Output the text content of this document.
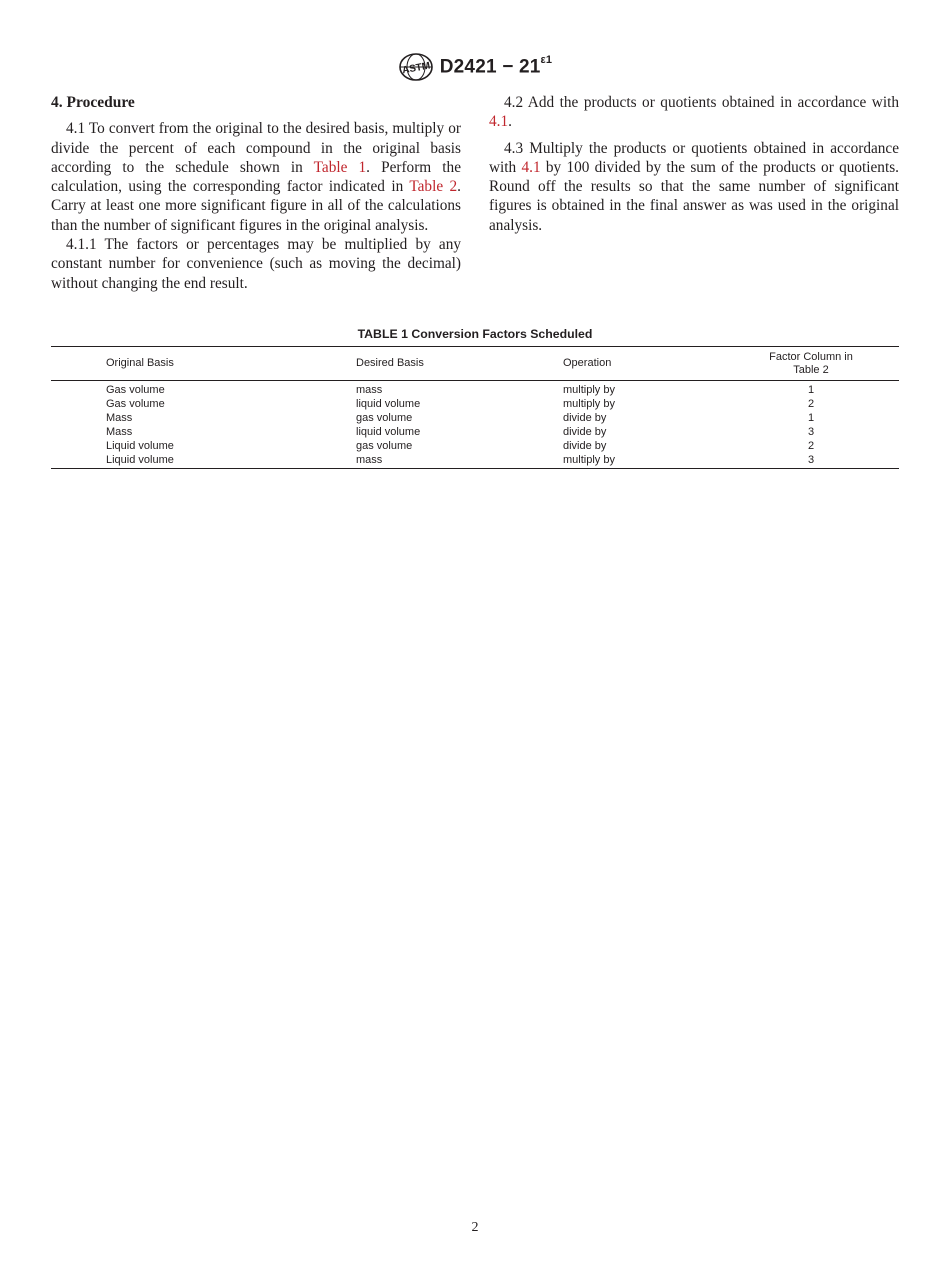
ASTM $D2421 - 21^{\varepsilon 1}$
4. Procedure

4.1 To convert from the original to the desired basis, multiply or divide the percent of each compound in the original basis according to the schedule shown in Table 1. Perform the calculation, using the corresponding factor indicated in Table 2. Carry at least one more significant figure in all of the calculations than the number of significant figures in the original analysis.

4.1.1 The factors or percentages may be multiplied by any constant number for convenience (such as moving the decimal) without changing the end result.

4.2 Add the products or quotients obtained in accordance with 4.1.

4.3 Multiply the products or quotients obtained in accordance with 4.1 by 100 divided by the sum of the products or quotients. Round off the results so that the same number of significant figures is obtained in the final answer as was used in the original analysis.

TABLE 1 Conversion Factors Scheduled
Original Basis	Desired Basis	Operation	Factor Column in
Table 2
Gas volume	mass	multiply by	1
Gas volume	liquid volume	multiply by	2
Mass	gas volume	divide by	1
Mass	liquid volume	divide by	3
Liquid volume	gas volume	divide by	2
Liquid volume	mass	multiply by	3
2
